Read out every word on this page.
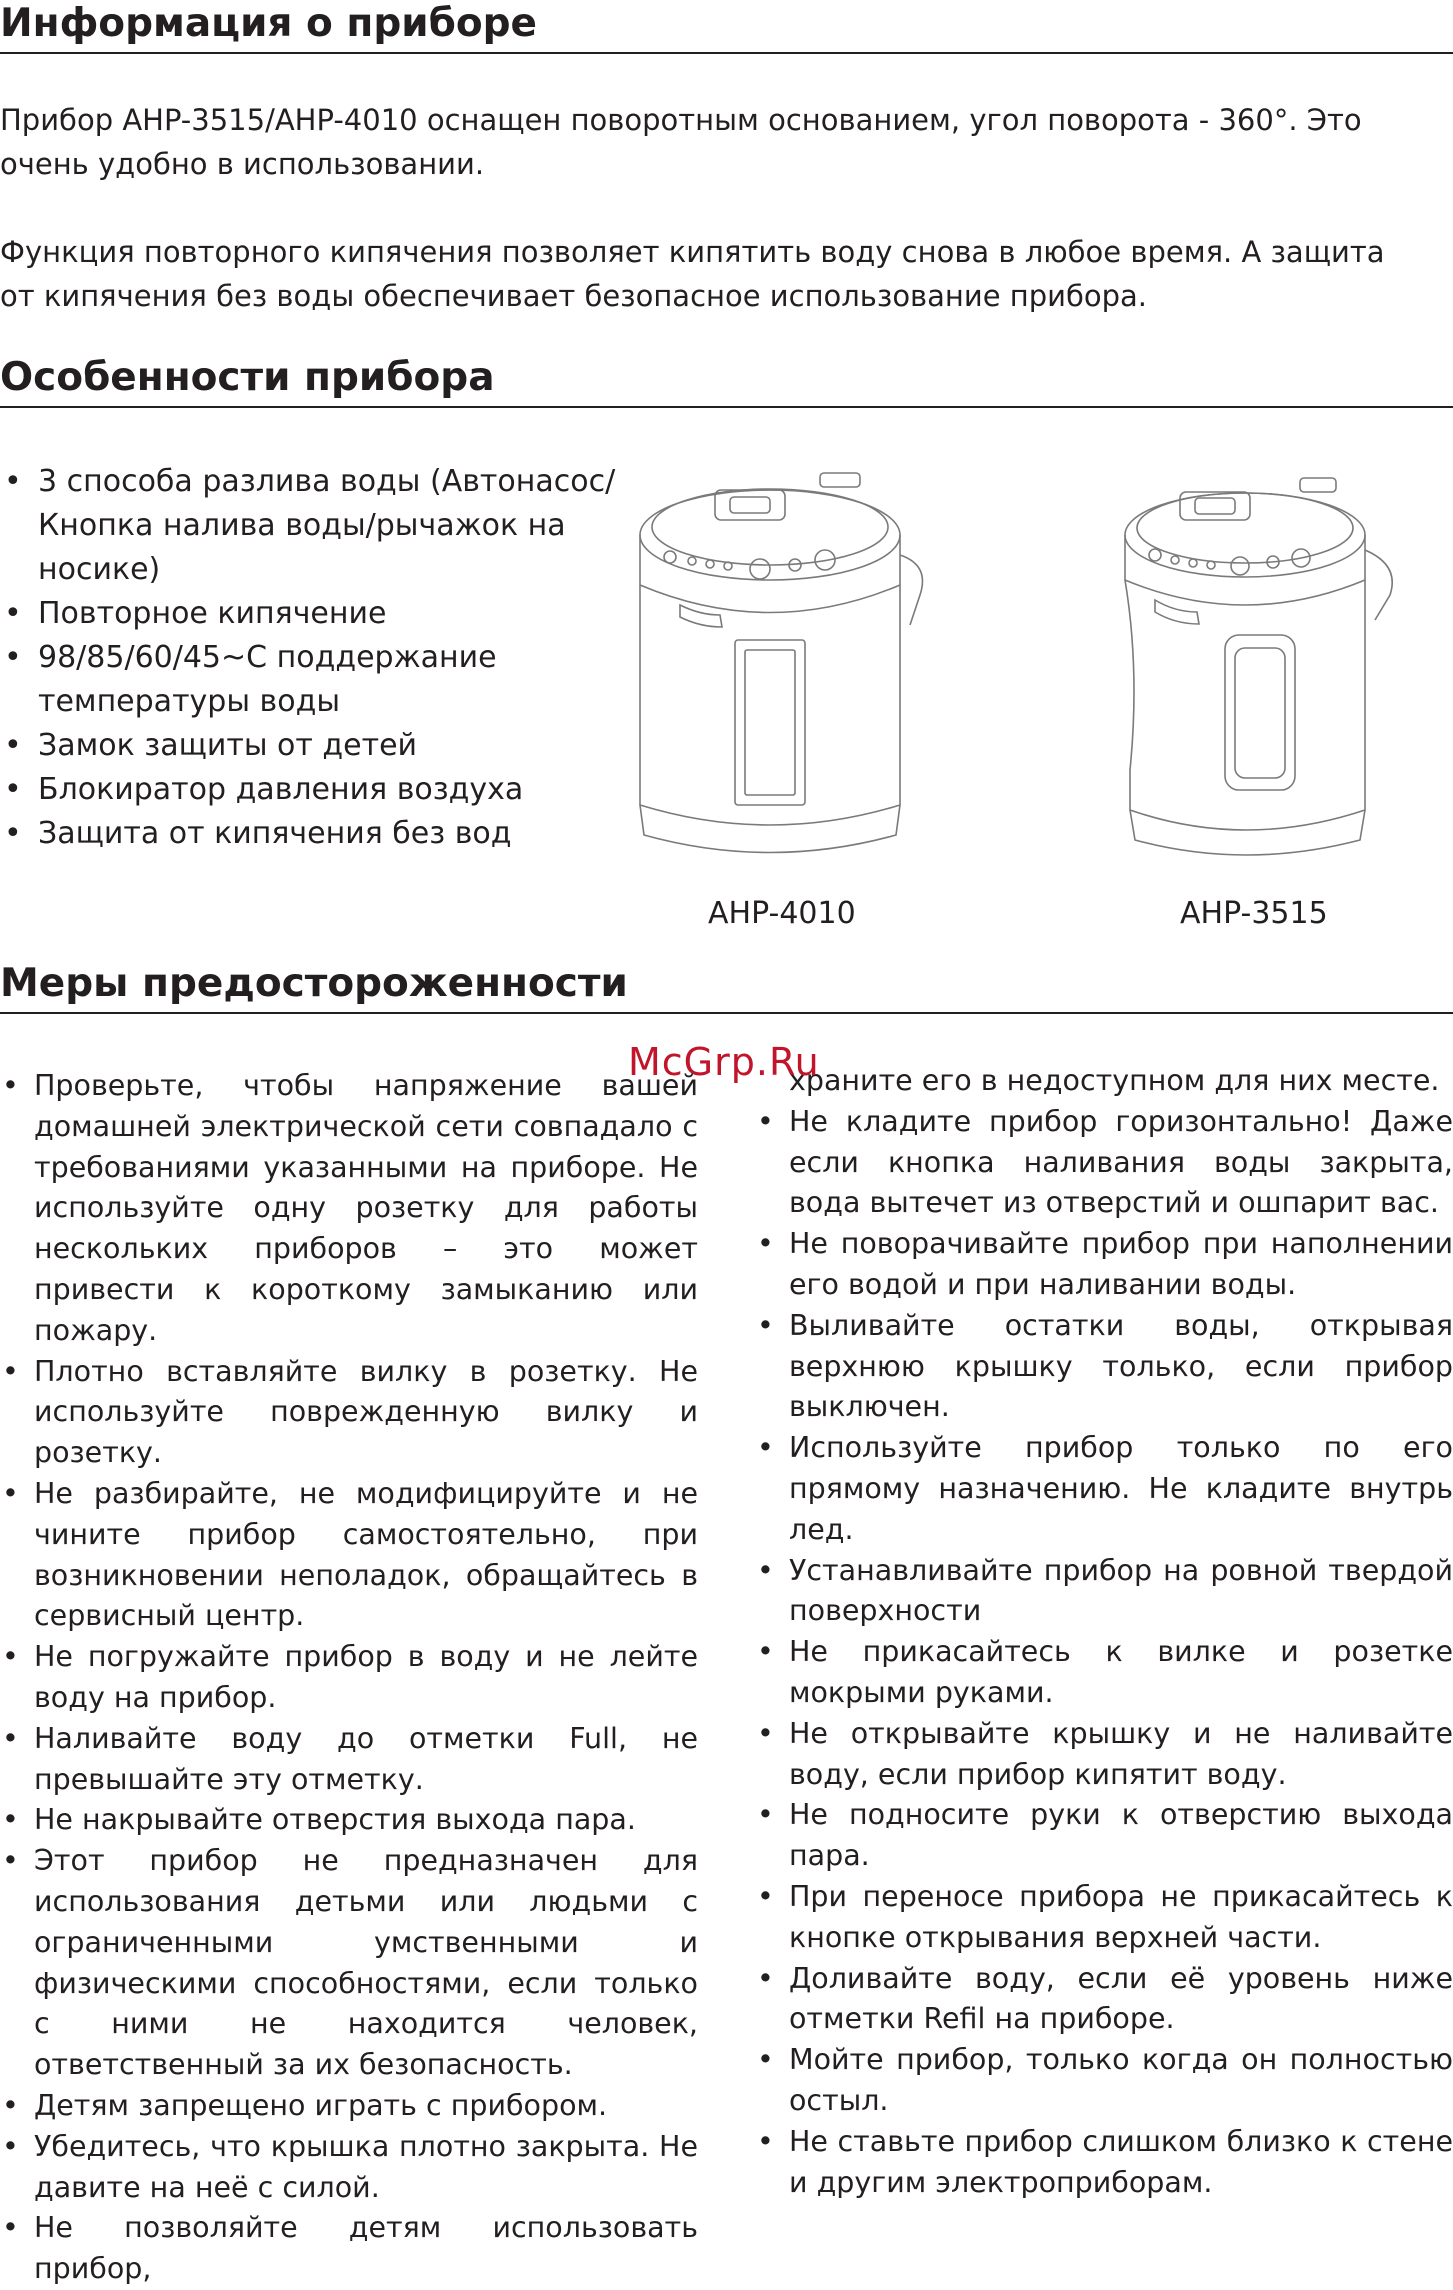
Информация о приборе

Прибор AHP-3515/AHP-4010 оснащен поворотным основанием, угол поворота - 360°. Это очень удобно в использовании.

Функция повторного кипячения позволяет кипятить воду снова в любое время. А защита от кипячения без воды обеспечивает безопасное использование прибора.

Особенности прибора
• 3 способа разлива воды (Автонасос/Кнопка налива воды/рычажок на носике)
• Повторное кипячение
• 98/85/60/45~С поддержание температуры воды
• Замок защиты от детей
• Блокиратор давления воздуха
• Защита от кипячения без вод
AHP-4010	AHP-3515
Меры предостороженности
• Проверьте, чтобы напряжение вашей домашней электрической сети совпадало с требованиями указанными на приборе. Не используйте одну розетку для работы нескольких приборов – это может привести к короткому замыканию или пожару.
• Плотно вставляйте вилку в розетку. Не используйте поврежденную вилку и розетку.
• Не разбирайте, не модифицируйте и не чините прибор самостоятельно, при возникновении неполадок, обращайтесь в сервисный центр.
• Не погружайте прибор в воду и не лейте воду на прибор.
• Наливайте воду до отметки Full, не превышайте эту отметку.
• Не накрывайте отверстия выхода пара.
• Этот прибор не предназначен для использования детьми или людьми с ограниченными умственными и физическими способностями, если только с ними не находится человек, ответственный за их безопасность.
• Детям запрещено играть с прибором.
• Убедитесь, что крышка плотно закрыта. Не давите на неё с силой.
• Не позволяйте детям использовать прибор,
храните его в недоступном для них месте.
• Не кладите прибор горизонтально! Даже если кнопка наливания воды закрыта, вода вытечет из отверстий и ошпарит вас.
• Не поворачивайте прибор при наполнении его водой и при наливании воды.
• Выливайте остатки воды, открывая верхнюю крышку только, если прибор выключен.
• Используйте прибор только по его прямому назначению. Не кладите внутрь лед.
• Устанавливайте прибор на ровной твердой поверхности
• Не прикасайтесь к вилке и розетке мокрыми руками.
• Не открывайте крышку и не наливайте воду, если прибор кипятит воду.
• Не подносите руки к отверстию выхода пара.
• При переносе прибора не прикасайтесь к кнопке открывания верхней части.
• Доливайте воду, если её уровень ниже отметки Refil на приборе.
• Мойте прибор, только когда он полностью остыл.
• Не ставьте прибор слишком близко к стене и другим электроприборам.
McGrp.Ru
